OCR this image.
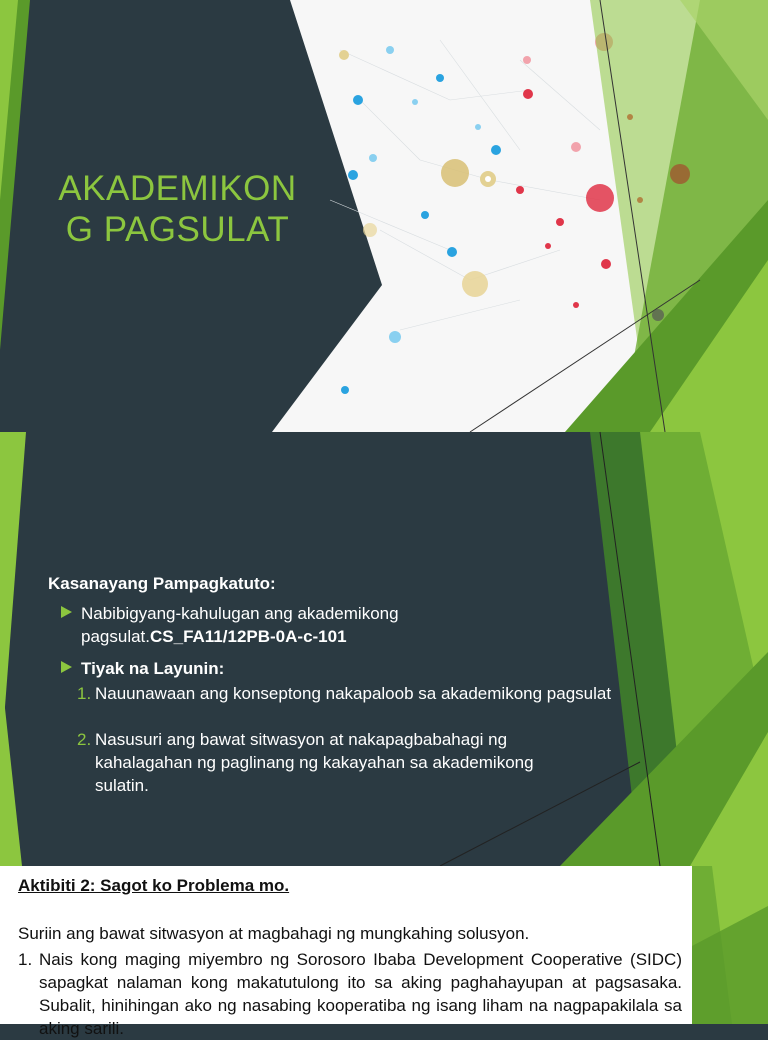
AKADEMIKON G PAGSULAT
Kasanayang Pampagkatuto:
Nabibigyang-kahulugan ang akademikong pagsulat.CS_FA11/12PB-0A-c-101
Tiyak na Layunin:
1. Nauunawaan ang konseptong nakapaloob sa akademikong pagsulat
2. Nasusuri ang bawat sitwasyon at nakapagbabahagi ng kahalagahan ng paglinang ng kakayahan sa akademikong sulatin.
Aktibiti 2: Sagot ko Problema mo.
Suriin ang bawat sitwasyon at magbahagi ng mungkahing solusyon.
1. Nais kong maging miyembro ng Sorosoro Ibaba Development Cooperative (SIDC) sapagkat nalaman kong makatutulong ito sa aking paghahayupan at pagsasaka. Subalit, hinihingan ako ng nasabing kooperatiba ng isang liham na nagpapakilala sa aking sarili.
